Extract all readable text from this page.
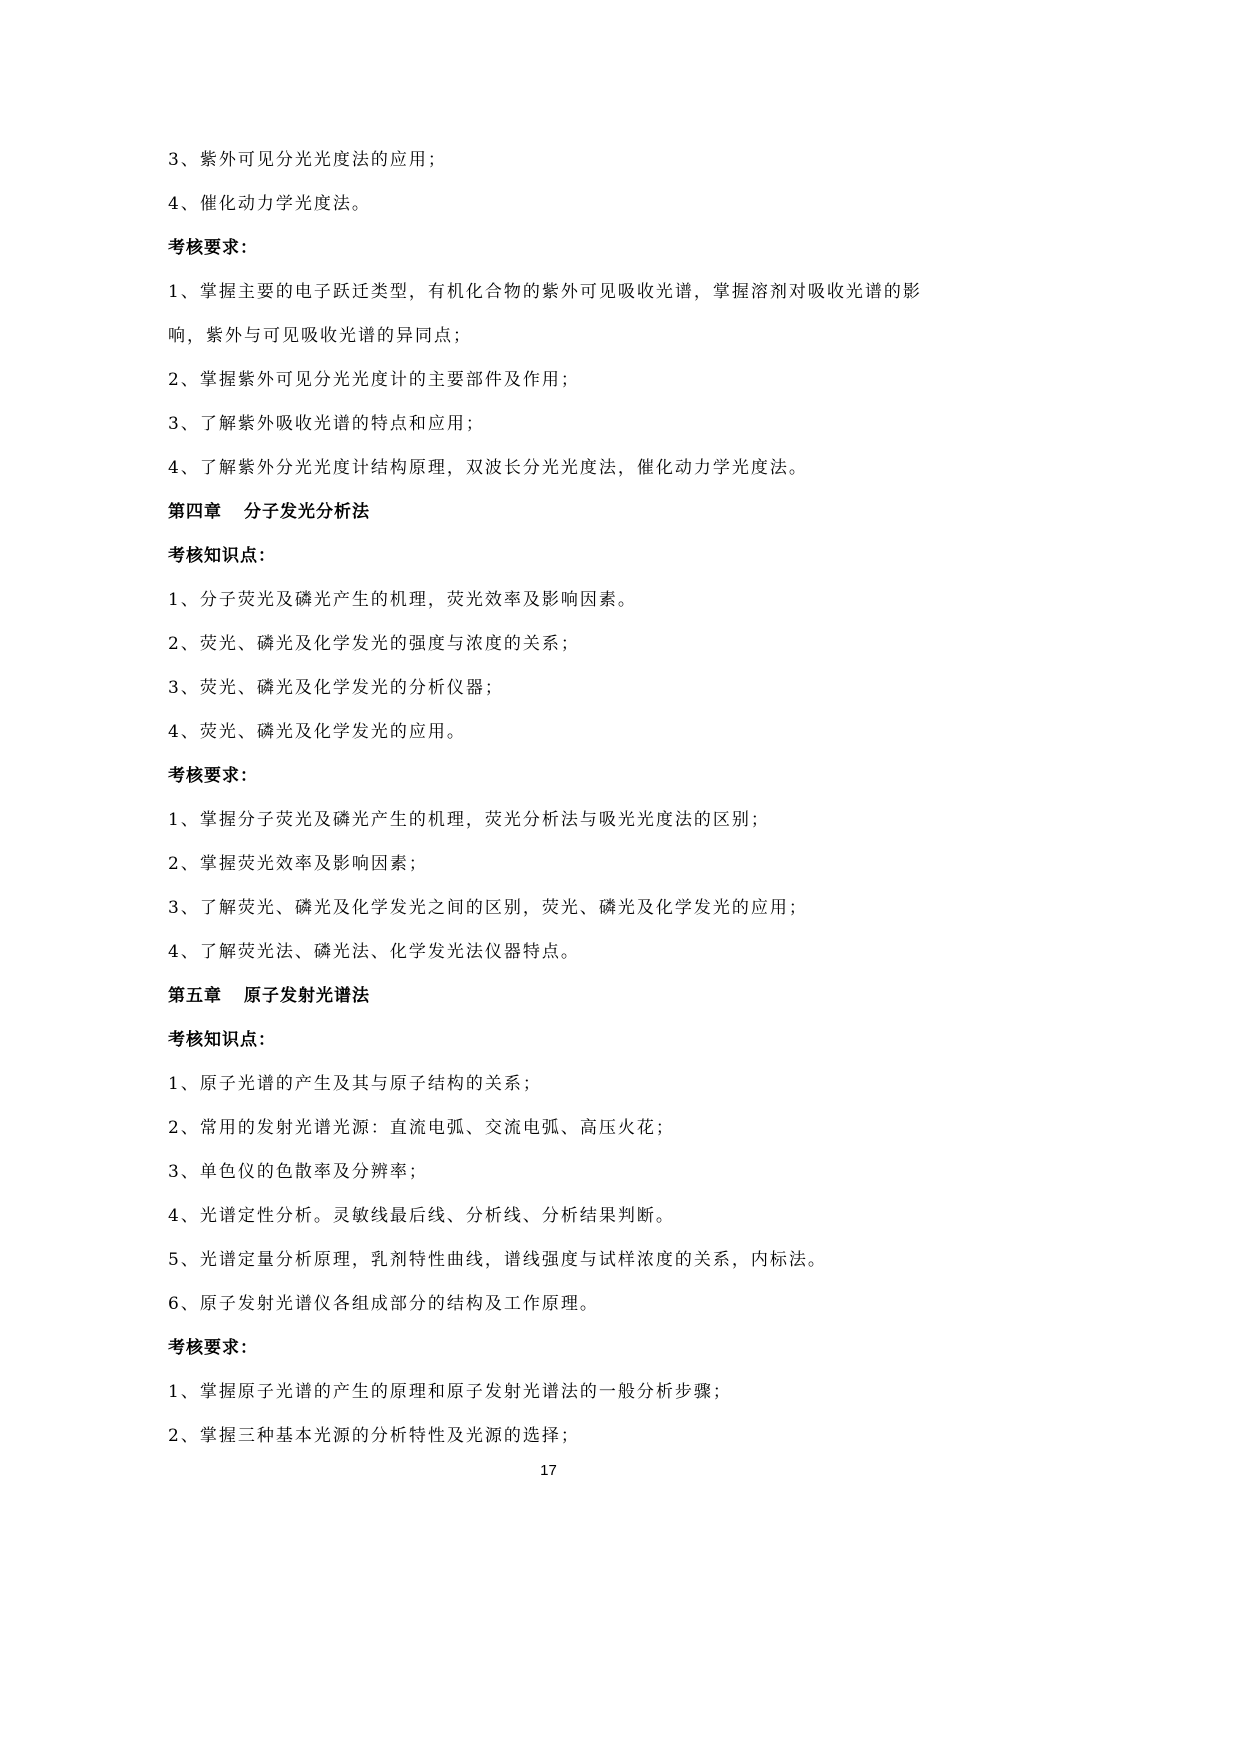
3、紫外可见分光光度法的应用；
4、催化动力学光度法。
考核要求：
1、掌握主要的电子跃迁类型，有机化合物的紫外可见吸收光谱，掌握溶剂对吸收光谱的影响，紫外与可见吸收光谱的异同点；
2、掌握紫外可见分光光度计的主要部件及作用；
3、了解紫外吸收光谱的特点和应用；
4、了解紫外分光光度计结构原理，双波长分光光度法，催化动力学光度法。
第四章 分子发光分析法
考核知识点：
1、分子荧光及磷光产生的机理，荧光效率及影响因素。
2、荧光、磷光及化学发光的强度与浓度的关系；
3、荧光、磷光及化学发光的分析仪器；
4、荧光、磷光及化学发光的应用。
考核要求：
1、掌握分子荧光及磷光产生的机理，荧光分析法与吸光光度法的区别；
2、掌握荧光效率及影响因素；
3、了解荧光、磷光及化学发光之间的区别，荧光、磷光及化学发光的应用；
4、了解荧光法、磷光法、化学发光法仪器特点。
第五章 原子发射光谱法
考核知识点：
1、原子光谱的产生及其与原子结构的关系；
2、常用的发射光谱光源：直流电弧、交流电弧、高压火花；
3、单色仪的色散率及分辨率；
4、光谱定性分析。灵敏线最后线、分析线、分析结果判断。
5、光谱定量分析原理，乳剂特性曲线，谱线强度与试样浓度的关系，内标法。
6、原子发射光谱仪各组成部分的结构及工作原理。
考核要求：
1、掌握原子光谱的产生的原理和原子发射光谱法的一般分析步骤；
2、掌握三种基本光源的分析特性及光源的选择；
17
